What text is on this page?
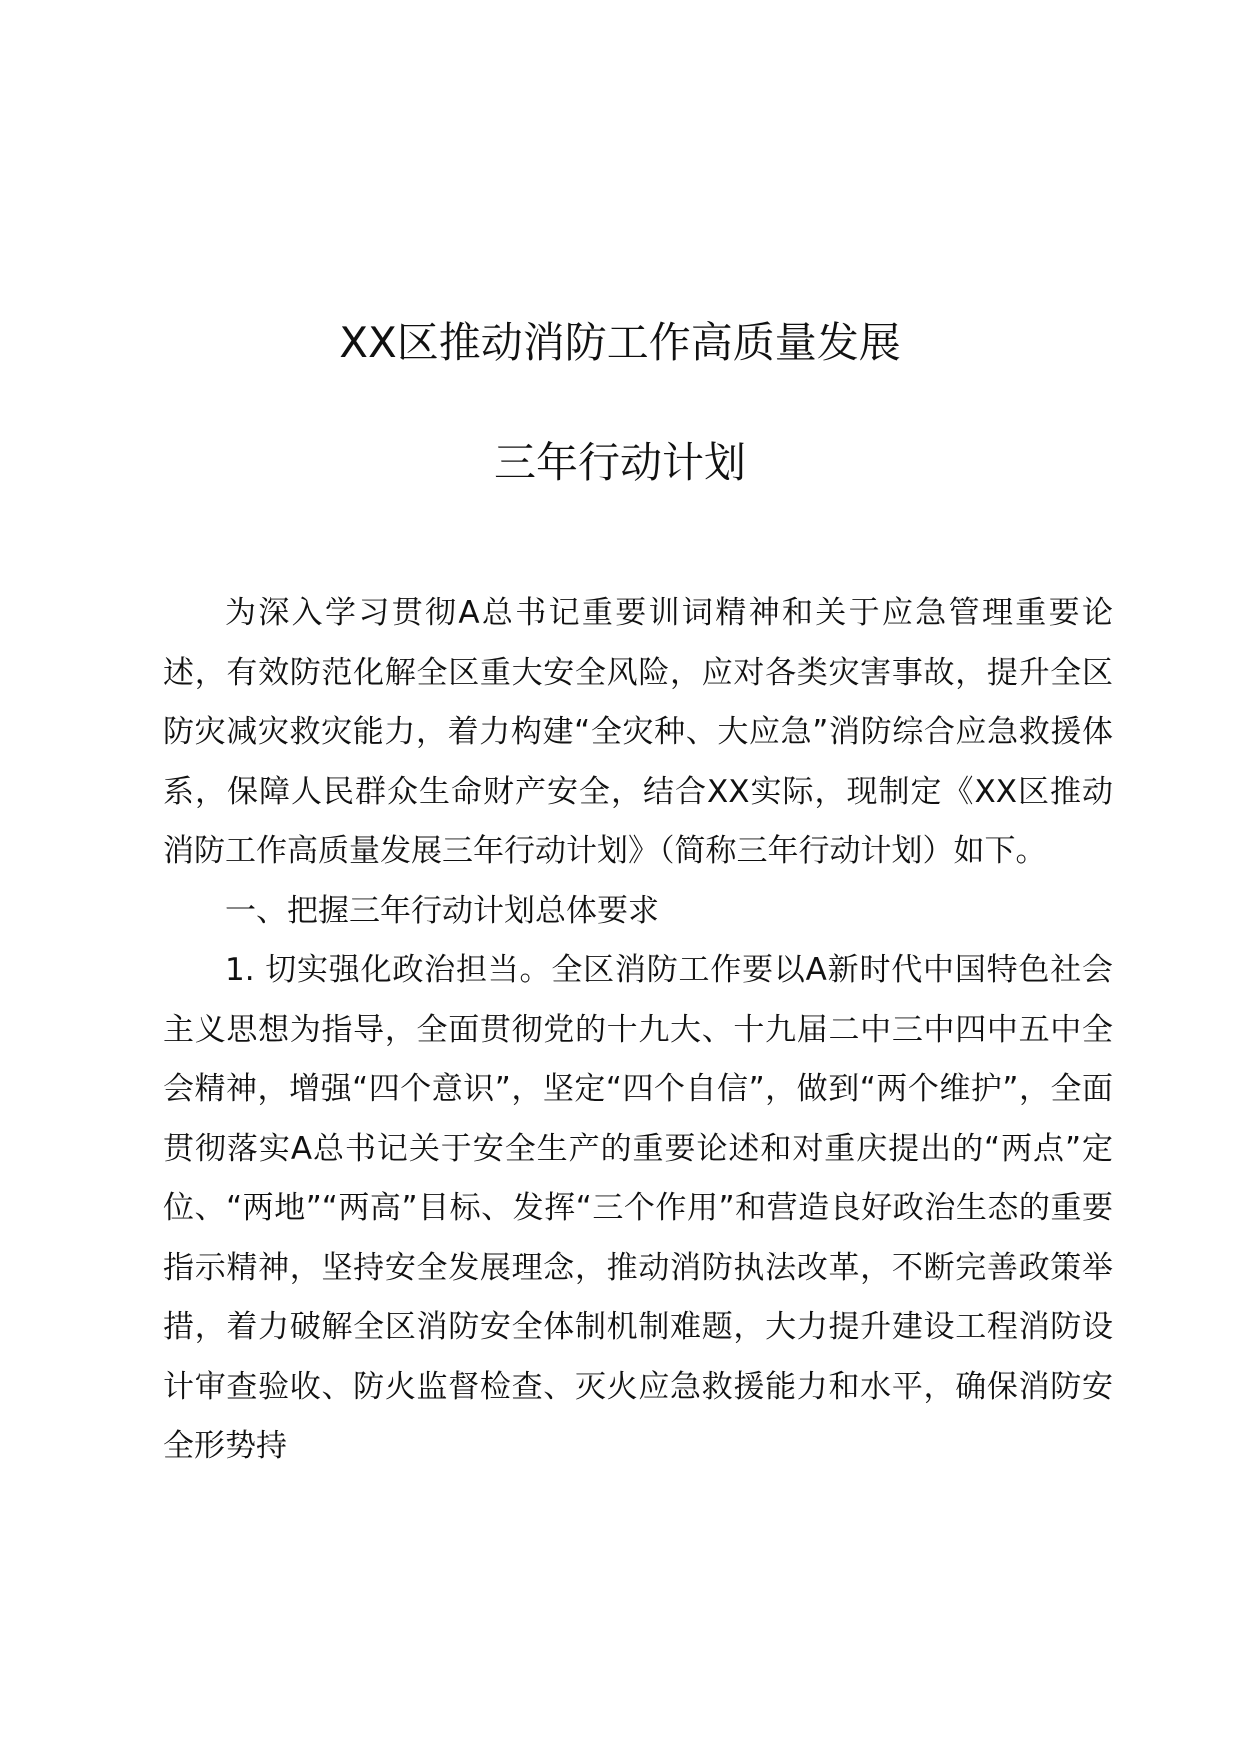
XX区推动消防工作高质量发展
三年行动计划

为深入学习贯彻A总书记重要训词精神和关于应急管理重要论述，有效防范化解全区重大安全风险，应对各类灾害事故，提升全区防灾减灾救灾能力，着力构建“全灾种、大应急”消防综合应急救援体系，保障人民群众生命财产安全，结合XX实际，现制定《XX区推动消防工作高质量发展三年行动计划》（简称三年行动计划）如下。

一、把握三年行动计划总体要求

1. 切实强化政治担当。全区消防工作要以A新时代中国特色社会主义思想为指导，全面贯彻党的十九大、十九届二中三中四中五中全会精神，增强“四个意识”，坚定“四个自信”，做到“两个维护”，全面贯彻落实A总书记关于安全生产的重要论述和对重庆提出的“两点”定位、“两地”“两高”目标、发挥“三个作用”和营造良好政治生态的重要指示精神，坚持安全发展理念，推动消防执法改革，不断完善政策举措，着力破解全区消防安全体制机制难题，大力提升建设工程消防设计审查验收、防火监督检查、灭火应急救援能力和水平，确保消防安全形势持
